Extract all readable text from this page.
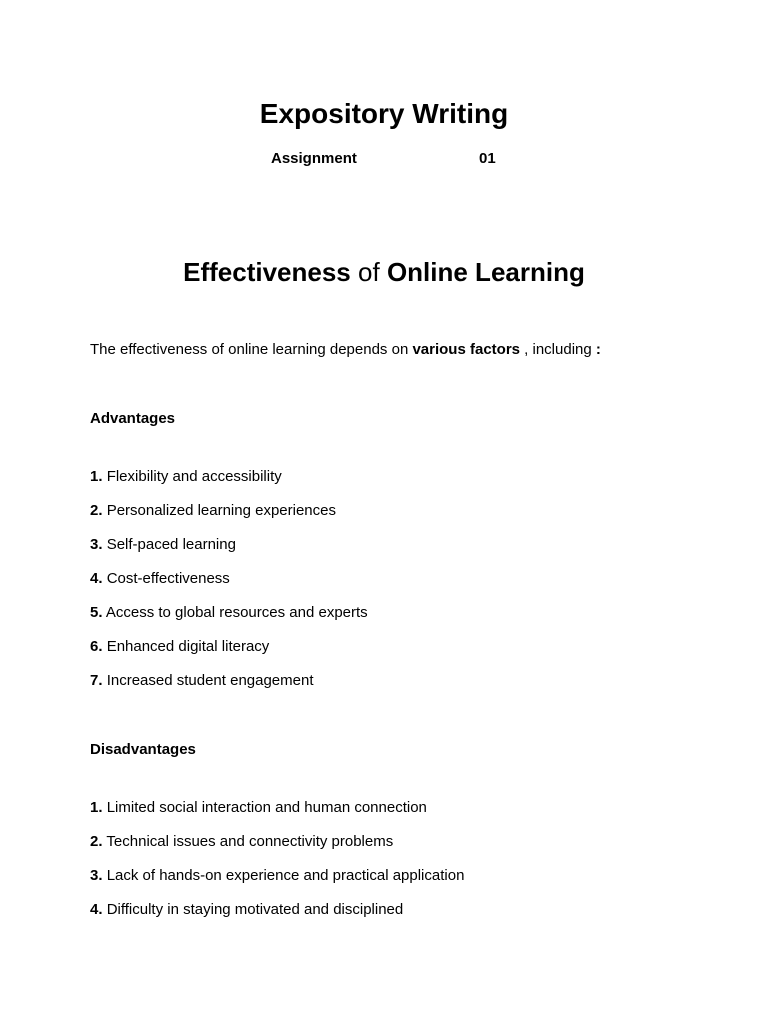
Expository Writing
Assignment	01
Effectiveness of Online Learning
The effectiveness of online learning depends on various factors , including :
Advantages
1. Flexibility and accessibility
2. Personalized learning experiences
3. Self-paced learning
4. Cost-effectiveness
5. Access to global resources and experts
6. Enhanced digital literacy
7. Increased student engagement
Disadvantages
1. Limited social interaction and human connection
2. Technical issues and connectivity problems
3. Lack of hands-on experience and practical application
4. Difficulty in staying motivated and disciplined
